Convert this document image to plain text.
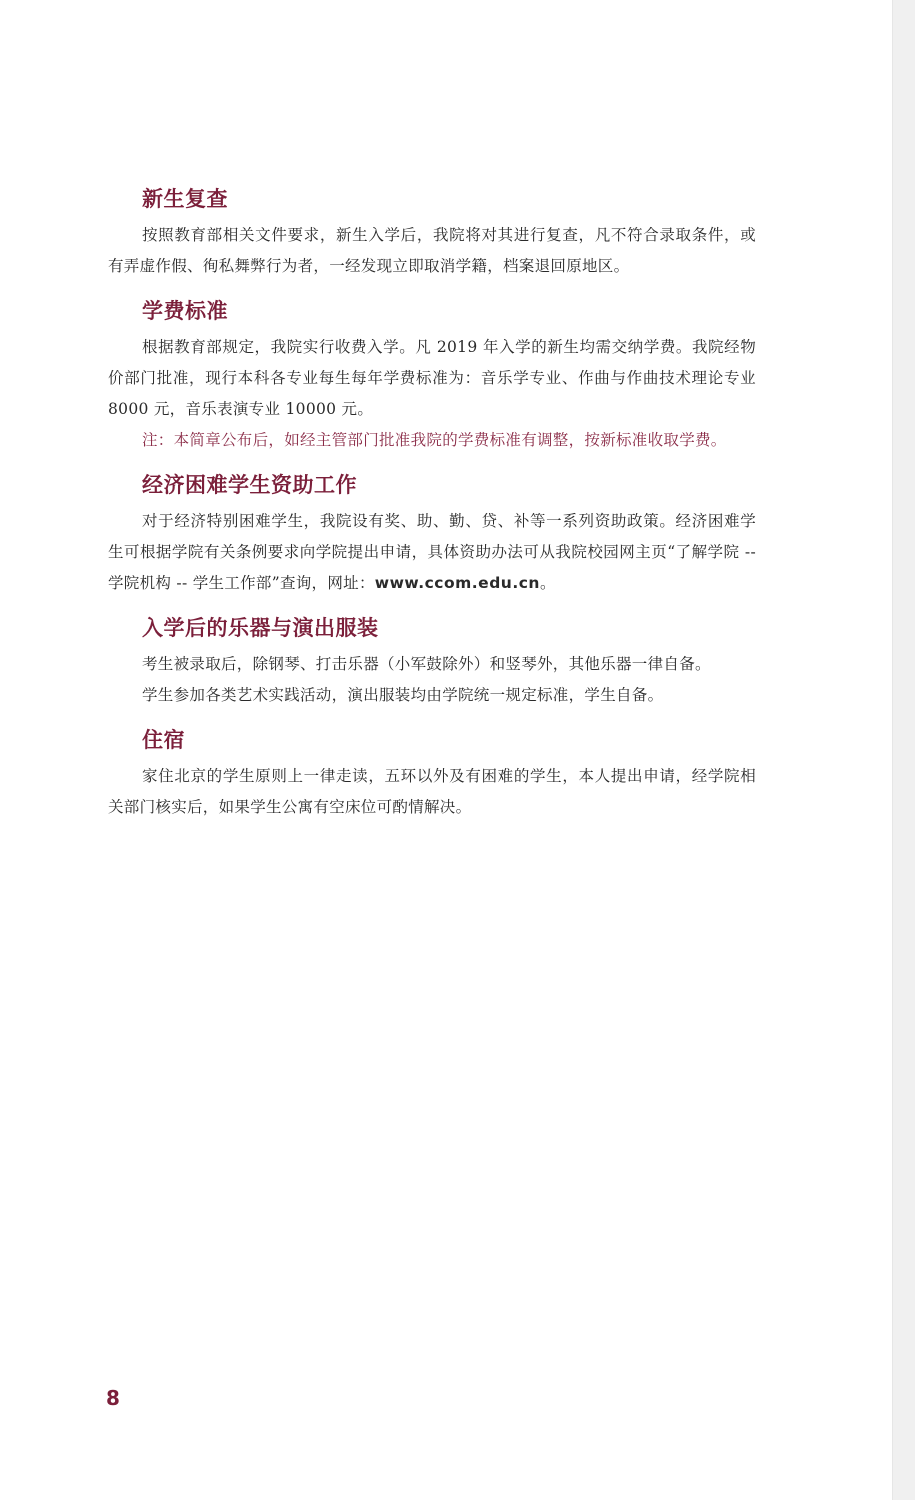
新生复查

按照教育部相关文件要求，新生入学后，我院将对其进行复查，凡不符合录取条件，或有弄虚作假、徇私舞弊行为者，一经发现立即取消学籍，档案退回原地区。

学费标准

根据教育部规定，我院实行收费入学。凡 2019 年入学的新生均需交纳学费。我院经物价部门批准，现行本科各专业每生每年学费标准为：音乐学专业、作曲与作曲技术理论专业 8000 元，音乐表演专业 10000 元。

注：本简章公布后，如经主管部门批准我院的学费标准有调整，按新标准收取学费。

经济困难学生资助工作

对于经济特别困难学生，我院设有奖、助、勤、贷、补等一系列资助政策。经济困难学生可根据学院有关条例要求向学院提出申请，具体资助办法可从我院校园网主页“了解学院 -- 学院机构 -- 学生工作部”查询，网址：www.ccom.edu.cn。

入学后的乐器与演出服装

考生被录取后，除钢琴、打击乐器（小军鼓除外）和竖琴外，其他乐器一律自备。

学生参加各类艺术实践活动，演出服装均由学院统一规定标准，学生自备。

住宿

家住北京的学生原则上一律走读，五环以外及有困难的学生，本人提出申请，经学院相关部门核实后，如果学生公寓有空床位可酌情解决。

8
